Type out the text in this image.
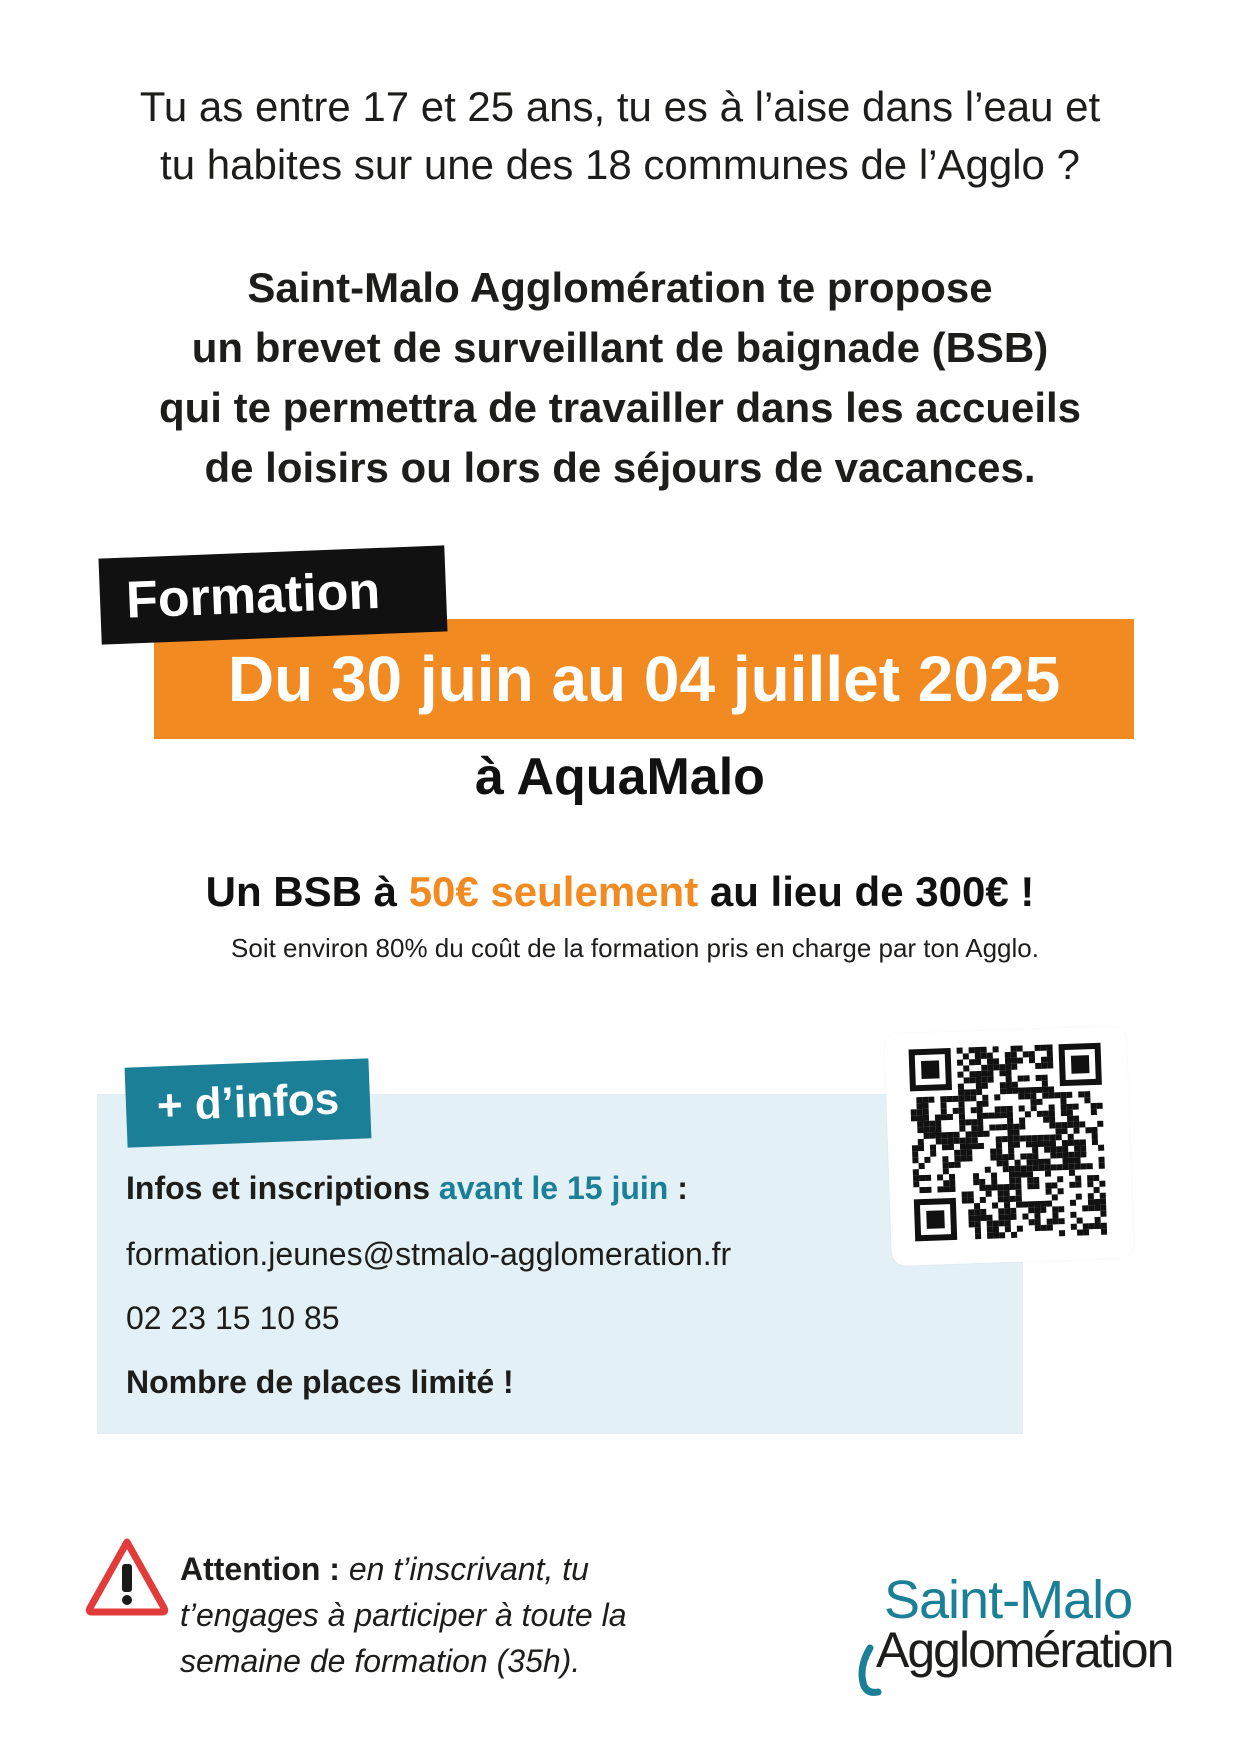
Tu as entre 17 et 25 ans, tu es à l’aise dans l’eau et
tu habites sur une des 18 communes de l’Agglo ?
Saint-Malo Agglomération te propose
un brevet de surveillant de baignade (BSB)
qui te permettra de travailler dans les accueils
de loisirs ou lors de séjours de vacances.
Formation
Du 30 juin au 04 juillet 2025
à AquaMalo
Un BSB à 50€ seulement au lieu de 300€ !
Soit environ 80% du coût de la formation pris en charge par ton Agglo.
+ d’infos
Infos et inscriptions avant le 15 juin :
formation.jeunes@stmalo-agglomeration.fr
02 23 15 10 85
Nombre de places limité !
Attention : en t’inscrivant, tu t’engages à participer à toute la semaine de formation (35h).
Saint-Malo
Agglomération
